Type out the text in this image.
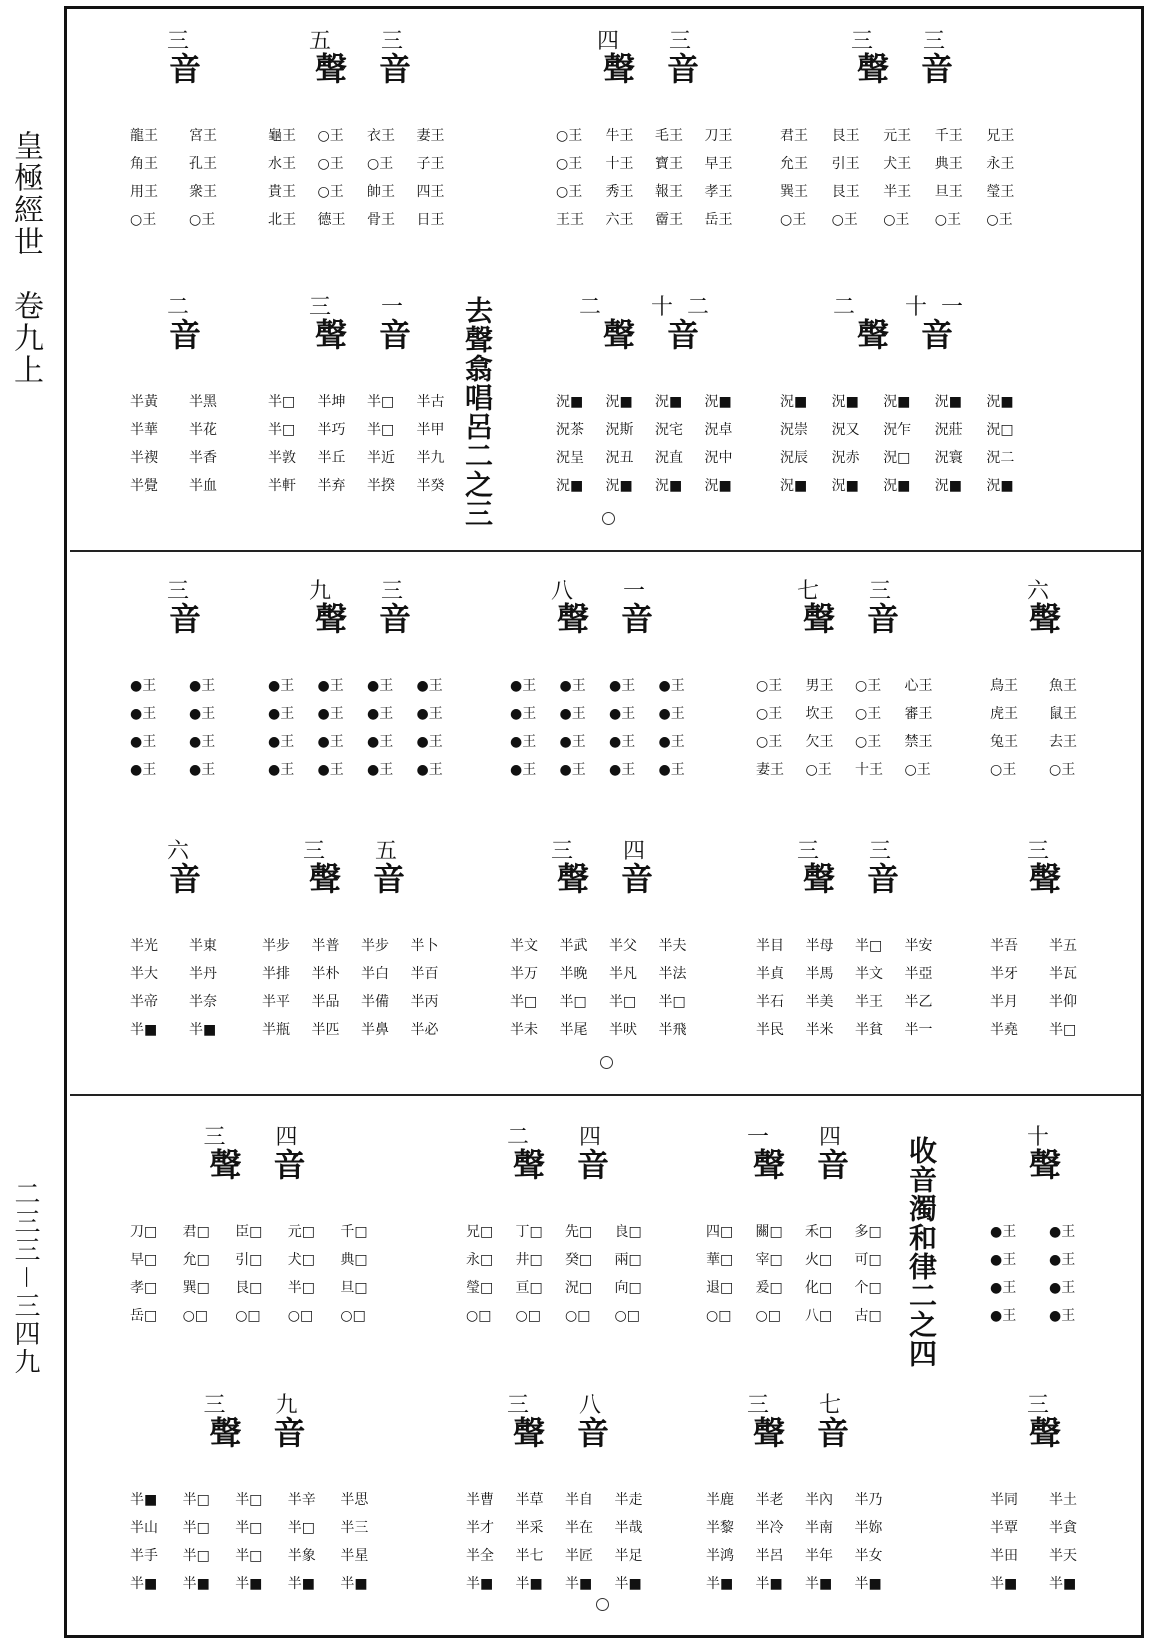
皇極經世　卷九上
二三三－三四九
去聲翕唱呂二之三
收音濁和律二之四
三
音
龍王	宮王
角王	孔王
用王	衆王
○王	○王
五　三
聲　音
龜王	○王	衣王	妻王
水王	○王	○王	子王
貴王	○王	帥王	四王
北王	德王	骨王	日王
四　三
聲　音
○王	牛王	毛王	刀王
○王	十王	寶王	早王
○王	秀王	報王	孝王
王王	六王	霤王	岳王
三　三
聲　音
君王	艮王	元王	千王	兄王
允王	引王	犬王	典王	永王
巽王	艮王	半王	旦王	瑩王
○王	○王	○王	○王	○王
二
音
半黃	半黑
半華	半花
半禊	半香
半覺	半血
三　一
聲　音
半□	半坤	半□	半古
半□	半巧	半□	半甲
半敦	半丘	半近	半九
半軒	半弃	半揆	半癸
二　十二
聲　音
況■	況■	況■	況■
況茶	況斯	況宅	況卓
況呈	況丑	況直	況中
況■	況■	況■	況■
二　十一
聲　音
況■	況■	況■	況■	況■
況崇	況又	況乍	況莊	況□
況辰	況赤	況□	況寰	況二
況■	況■	況■	況■	況■
三
音
●王	●王
●王	●王
●王	●王
●王	●王
九　三
聲　音
●王	●王	●王	●王
●王	●王	●王	●王
●王	●王	●王	●王
●王	●王	●王	●王
八　一
聲　音
●王	●王	●王	●王
●王	●王	●王	●王
●王	●王	●王	●王
●王	●王	●王	●王
七　三
聲　音
○王	男王	○王	心王
○王	坎王	○王	審王
○王	欠王	○王	禁王
妻王	○王	十王	○王
六
聲
鳥王	魚王
虎王	鼠王
兔王	去王
○王	○王
六
音
半光	半東
半大	半丹
半帝	半奈
半■	半■
三　五
聲　音
半步	半普	半步	半卜
半排	半朴	半白	半百
半平	半品	半備	半丙
半瓶	半匹	半鼻	半必
三　四
聲　音
半文	半武	半父	半夫
半万	半晚	半凡	半法
半□	半□	半□	半□
半未	半尾	半吠	半飛
三　三
聲　音
半目	半母	半□	半安
半貞	半馬	半文	半亞
半石	半美	半王	半乙
半民	半米	半貧	半一
三
聲
半吾	半五
半牙	半瓦
半月	半仰
半堯	半□
三　四
聲　音
刀□	君□	臣□	元□	千□
早□	允□	引□	犬□	典□
孝□	巽□	艮□	半□	旦□
岳□	○□	○□	○□	○□
二　四
聲　音
兄□	丁□	先□	良□
永□	井□	癸□	兩□
瑩□	亘□	況□	向□
○□	○□	○□	○□
一　四
聲　音
四□	關□	禾□	多□
華□	宰□	火□	可□
退□	爰□	化□	个□
○□	○□	八□	古□
十
聲
●王	●王
●王	●王
●王	●王
●王	●王
三　九
聲　音
半■	半□	半□	半辛	半思
半山	半□	半□	半□	半三
半手	半□	半□	半象	半星
半■	半■	半■	半■	半■
三　八
聲　音
半曹	半草	半自	半走
半才	半采	半在	半哉
半全	半七	半匠	半足
半■	半■	半■	半■
三　七
聲　音
半鹿	半老	半內	半乃
半黎	半冷	半南	半妳
半鸿	半呂	半年	半女
半■	半■	半■	半■
三
聲
半同	半土
半覃	半貪
半田	半天
半■	半■
